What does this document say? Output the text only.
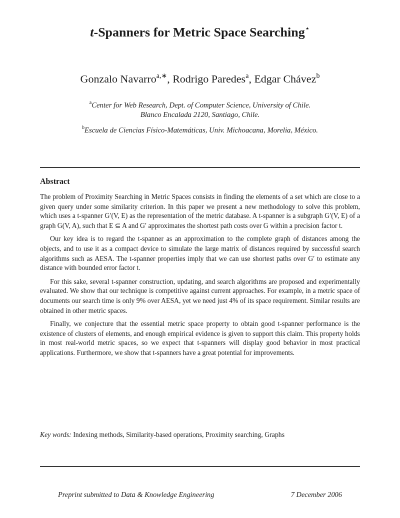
t-Spanners for Metric Space Searching⋆
Gonzalo Navarro$^{a,∗}$, Rodrigo Paredes$^a$, Edgar Chávez$^b$
$^a$Center for Web Research, Dept. of Computer Science, University of Chile.
Blanco Encalada 2120, Santiago, Chile.
$^b$Escuela de Ciencias Físico-Matemáticas, Univ. Michoacana, Morelia, México.
Abstract

The problem of Proximity Searching in Metric Spaces consists in finding the elements of a set which are close to a given query under some similarity criterion. In this paper we present a new methodology to solve this problem, which uses a t-spanner G′(V, E) as the representation of the metric database. A t-spanner is a subgraph G′(V, E) of a graph G(V, A), such that E ⊆ A and G′ approximates the shortest path costs over G within a precision factor t.

Our key idea is to regard the t-spanner as an approximation to the complete graph of distances among the objects, and to use it as a compact device to simulate the large matrix of distances required by successful search algorithms such as AESA. The t-spanner properties imply that we can use shortest paths over G′ to estimate any distance with bounded error factor t.

For this sake, several t-spanner construction, updating, and search algorithms are proposed and experimentally evaluated. We show that our technique is competitive against current approaches. For example, in a metric space of documents our search time is only 9% over AESA, yet we need just 4% of its space requirement. Similar results are obtained in other metric spaces.

Finally, we conjecture that the essential metric space property to obtain good t-spanner performance is the existence of clusters of elements, and enough empirical evidence is given to support this claim. This property holds in most real-world metric spaces, so we expect that t-spanners will display good behavior in most practical applications. Furthermore, we show that t-spanners have a great potential for improvements.

Key words: Indexing methods, Similarity-based operations, Proximity searching, Graphs
Preprint submitted to Data & Knowledge Engineering	7 December 2006
